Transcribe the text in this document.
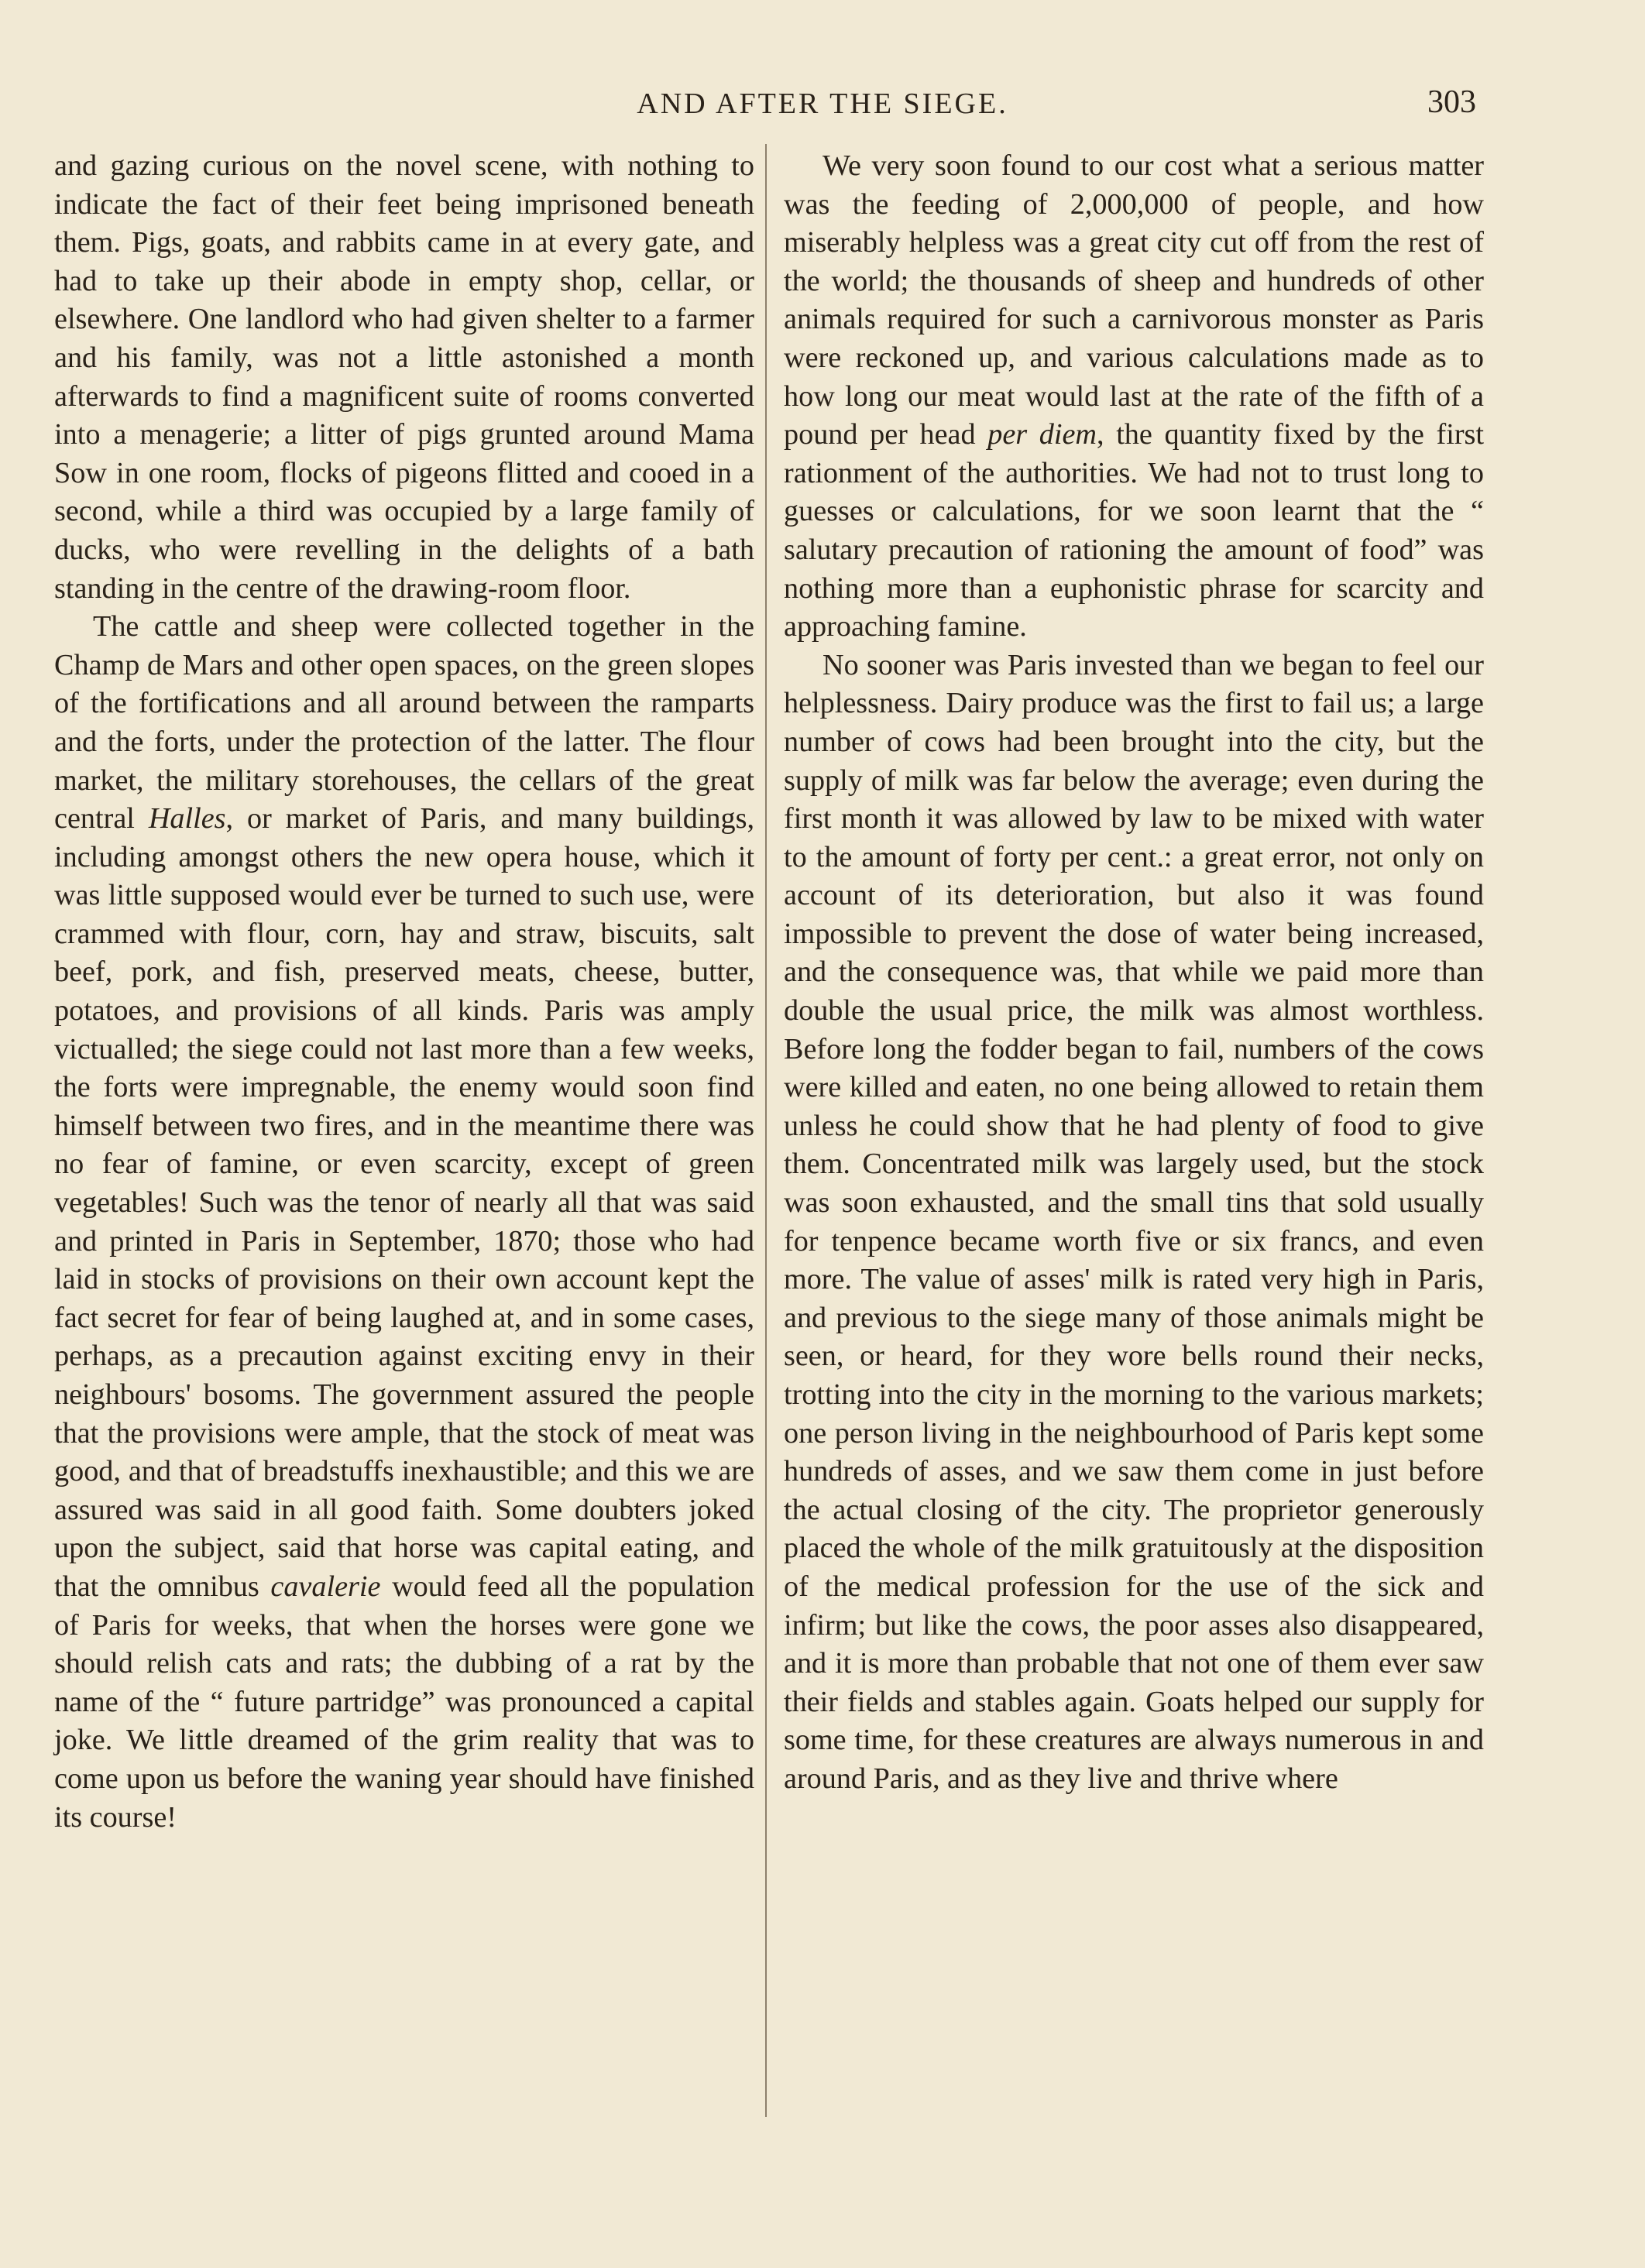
AND AFTER THE SIEGE.	303

and gazing curious on the novel scene, with nothing to indicate the fact of their feet being imprisoned beneath them. Pigs, goats, and rabbits came in at every gate, and had to take up their abode in empty shop, cellar, or elsewhere. One landlord who had given shelter to a farmer and his family, was not a little astonished a month afterwards to find a magnificent suite of rooms converted into a menagerie; a litter of pigs grunted around Mama Sow in one room, flocks of pigeons flitted and cooed in a second, while a third was occupied by a large family of ducks, who were revelling in the delights of a bath standing in the centre of the drawing-room floor.

The cattle and sheep were collected together in the Champ de Mars and other open spaces, on the green slopes of the fortifications and all around between the ramparts and the forts, under the protection of the latter. The flour market, the military storehouses, the cellars of the great central Halles, or market of Paris, and many buildings, including amongst others the new opera house, which it was little supposed would ever be turned to such use, were crammed with flour, corn, hay and straw, biscuits, salt beef, pork, and fish, preserved meats, cheese, butter, potatoes, and provisions of all kinds. Paris was amply victualled; the siege could not last more than a few weeks, the forts were impregnable, the enemy would soon find himself between two fires, and in the meantime there was no fear of famine, or even scarcity, except of green vegetables! Such was the tenor of nearly all that was said and printed in Paris in September, 1870; those who had laid in stocks of provisions on their own account kept the fact secret for fear of being laughed at, and in some cases, perhaps, as a precaution against exciting envy in their neighbours' bosoms. The government assured the people that the provisions were ample, that the stock of meat was good, and that of breadstuffs inexhaustible; and this we are assured was said in all good faith. Some doubters joked upon the subject, said that horse was capital eating, and that the omnibus cavalerie would feed all the population of Paris for weeks, that when the horses were gone we should relish cats and rats; the dubbing of a rat by the name of the “ future partridge” was pronounced a capital joke. We little dreamed of the grim reality that was to come upon us before the waning year should have finished its course!

We very soon found to our cost what a serious matter was the feeding of 2,000,000 of people, and how miserably helpless was a great city cut off from the rest of the world; the thousands of sheep and hundreds of other animals required for such a carnivorous monster as Paris were reckoned up, and various calculations made as to how long our meat would last at the rate of the fifth of a pound per head per diem, the quantity fixed by the first rationment of the authorities. We had not to trust long to guesses or calculations, for we soon learnt that the “ salutary precaution of rationing the amount of food” was nothing more than a euphonistic phrase for scarcity and approaching famine.

No sooner was Paris invested than we began to feel our helplessness. Dairy produce was the first to fail us; a large number of cows had been brought into the city, but the supply of milk was far below the average; even during the first month it was allowed by law to be mixed with water to the amount of forty per cent.: a great error, not only on account of its deterioration, but also it was found impossible to prevent the dose of water being increased, and the consequence was, that while we paid more than double the usual price, the milk was almost worthless. Before long the fodder began to fail, numbers of the cows were killed and eaten, no one being allowed to retain them unless he could show that he had plenty of food to give them. Concentrated milk was largely used, but the stock was soon exhausted, and the small tins that sold usually for tenpence became worth five or six francs, and even more. The value of asses' milk is rated very high in Paris, and previous to the siege many of those animals might be seen, or heard, for they wore bells round their necks, trotting into the city in the morning to the various markets; one person living in the neighbourhood of Paris kept some hundreds of asses, and we saw them come in just before the actual closing of the city. The proprietor generously placed the whole of the milk gratuitously at the disposition of the medical profession for the use of the sick and infirm; but like the cows, the poor asses also disappeared, and it is more than probable that not one of them ever saw their fields and stables again. Goats helped our supply for some time, for these creatures are always numerous in and around Paris, and as they live and thrive where
